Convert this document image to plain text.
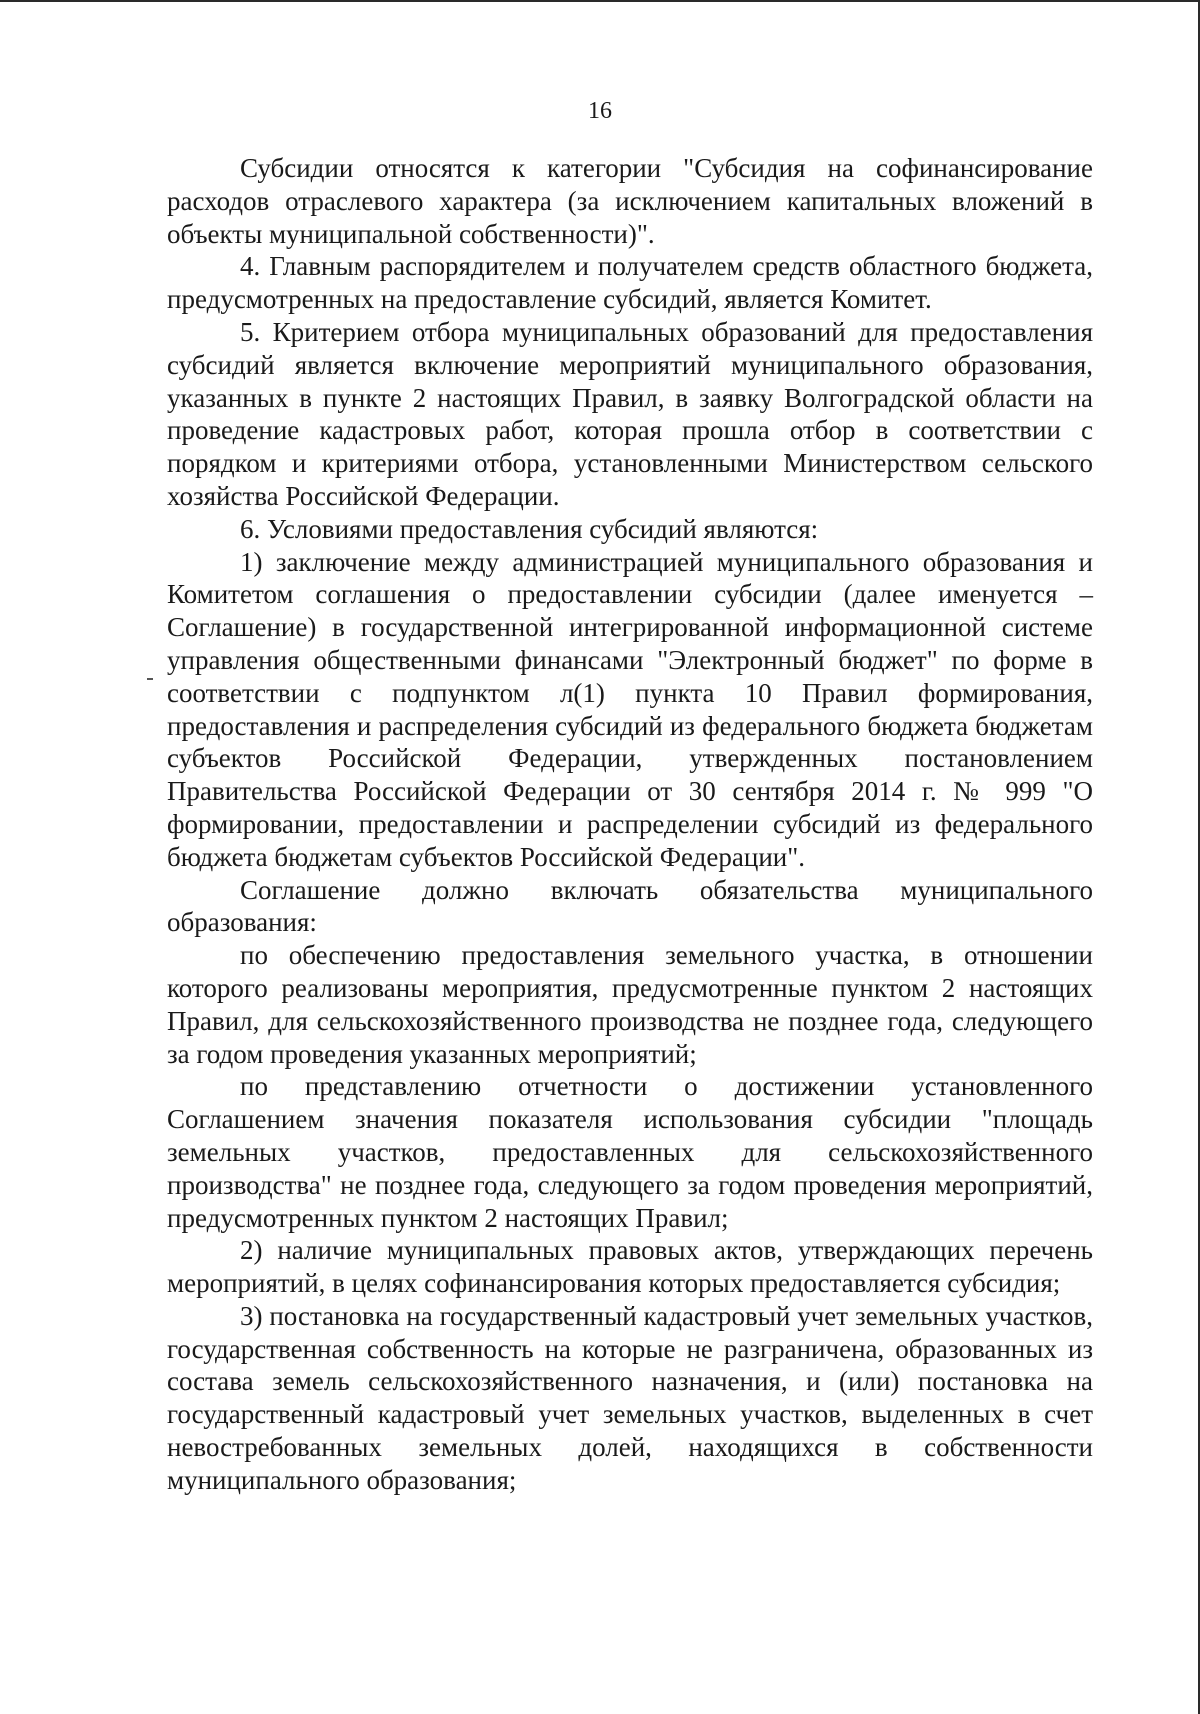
16

Субсидии относятся к категории "Субсидия на софинансирование расходов отраслевого характера (за исключением капитальных вложений в объекты муниципальной собственности)".

4. Главным распорядителем и получателем средств областного бюджета, предусмотренных на предоставление субсидий, является Комитет.

5. Критерием отбора муниципальных образований для предоставления субсидий является включение мероприятий муниципального образования, указанных в пункте 2 настоящих Правил, в заявку Волгоградской области на проведение кадастровых работ, которая прошла отбор в соответствии с порядком и критериями отбора, установленными Министерством сельского хозяйства Российской Федерации.

6. Условиями предоставления субсидий являются:

1) заключение между администрацией муниципального образования и Комитетом соглашения о предоставлении субсидии (далее именуется – Соглашение) в государственной интегрированной информационной системе управления общественными финансами "Электронный бюджет" по форме в соответствии с подпунктом л(1) пункта 10 Правил формирования, предоставления и распределения субсидий из федерального бюджета бюджетам субъектов Российской Федерации, утвержденных постановлением Правительства Российской Федерации от 30 сентября 2014 г. № 999 "О формировании, предоставлении и распределении субсидий из федерального бюджета бюджетам субъектов Российской Федерации".

Соглашение должно включать обязательства муниципального образования:

по обеспечению предоставления земельного участка, в отношении которого реализованы мероприятия, предусмотренные пунктом 2 настоящих Правил, для сельскохозяйственного производства не позднее года, следующего за годом проведения указанных мероприятий;

по представлению отчетности о достижении установленного Соглашением значения показателя использования субсидии "площадь земельных участков, предоставленных для сельскохозяйственного производства" не позднее года, следующего за годом проведения мероприятий, предусмотренных пунктом 2 настоящих Правил;

2) наличие муниципальных правовых актов, утверждающих перечень мероприятий, в целях софинансирования которых предоставляется субсидия;

3) постановка на государственный кадастровый учет земельных участков, государственная собственность на которые не разграничена, образованных из состава земель сельскохозяйственного назначения, и (или) постановка на государственный кадастровый учет земельных участков, выделенных в счет невостребованных земельных долей, находящихся в собственности муниципального образования;
